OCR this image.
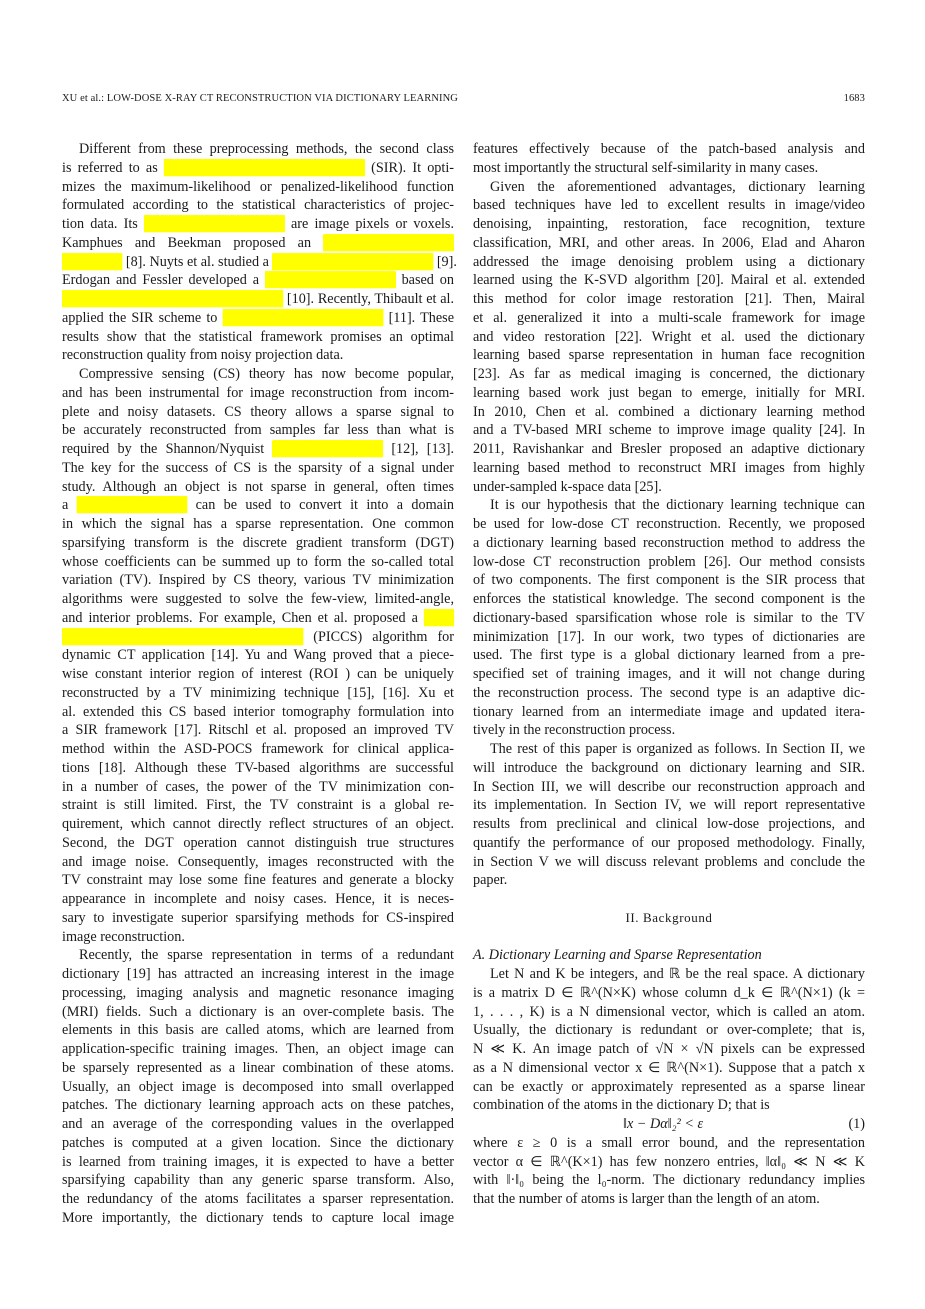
XU et al.: LOW-DOSE X-RAY CT RECONSTRUCTION VIA DICTIONARY LEARNING	1683
Different from these preprocessing methods, the second class
is referred to as ████████████████████ (SIR). It opti-
mizes the maximum-likelihood or penalized-likelihood function
formulated according to the statistical characteristics of projec-
tion data. Its ██████████████ are image pixels or voxels.
Kamphues and Beekman proposed an █████████████
██████ [8]. Nuyts et al. studied a ████████████████ [9].
Erdogan and Fessler developed a █████████████ based on
██████████████████████ [10]. Recently, Thibault et al.
applied the SIR scheme to ████████████████ [11]. These
results show that the statistical framework promises an optimal
reconstruction quality from noisy projection data.
Compressive sensing (CS) theory has now become popular,
and has been instrumental for image reconstruction from incom-
plete and noisy datasets. CS theory allows a sparse signal to
be accurately reconstructed from samples far less than what is
required by the Shannon/Nyquist ███████████ [12], [13].
The key for the success of CS is the sparsity of a signal under
study. Although an object is not sparse in general, often times
a ███████████ can be used to convert it into a domain
in which the signal has a sparse representation. One common
sparsifying transform is the discrete gradient transform (DGT)
whose coefficients can be summed up to form the so-called total
variation (TV). Inspired by CS theory, various TV minimization
algorithms were suggested to solve the few-view, limited-angle,
and interior problems. For example, Chen et al. proposed a ███
████████████████████████ (PICCS) algorithm for
dynamic CT application [14]. Yu and Wang proved that a piece-
wise constant interior region of interest (ROI ) can be uniquely
reconstructed by a TV minimizing technique [15], [16]. Xu et
al. extended this CS based interior tomography formulation into
a SIR framework [17]. Ritschl et al. proposed an improved TV
method within the ASD-POCS framework for clinical applica-
tions [18]. Although these TV-based algorithms are successful
in a number of cases, the power of the TV minimization con-
straint is still limited. First, the TV constraint is a global re-
quirement, which cannot directly reflect structures of an object.
Second, the DGT operation cannot distinguish true structures
and image noise. Consequently, images reconstructed with the
TV constraint may lose some fine features and generate a blocky
appearance in incomplete and noisy cases. Hence, it is neces-
sary to investigate superior sparsifying methods for CS-inspired
image reconstruction.
Recently, the sparse representation in terms of a redundant
dictionary [19] has attracted an increasing interest in the image
processing, imaging analysis and magnetic resonance imaging
(MRI) fields. Such a dictionary is an over-complete basis. The
elements in this basis are called atoms, which are learned from
application-specific training images. Then, an object image can
be sparsely represented as a linear combination of these atoms.
Usually, an object image is decomposed into small overlapped
patches. The dictionary learning approach acts on these patches,
and an average of the corresponding values in the overlapped
patches is computed at a given location. Since the dictionary
is learned from training images, it is expected to have a better
sparsifying capability than any generic sparse transform. Also,
the redundancy of the atoms facilitates a sparser representation.
More importantly, the dictionary tends to capture local image
features effectively because of the patch-based analysis and
most importantly the structural self-similarity in many cases.
Given the aforementioned advantages, dictionary learning
based techniques have led to excellent results in image/video
denoising, inpainting, restoration, face recognition, texture
classification, MRI, and other areas. In 2006, Elad and Aharon
addressed the image denoising problem using a dictionary
learned using the K-SVD algorithm [20]. Mairal et al. extended
this method for color image restoration [21]. Then, Mairal
et al. generalized it into a multi-scale framework for image
and video restoration [22]. Wright et al. used the dictionary
learning based sparse representation in human face recognition
[23]. As far as medical imaging is concerned, the dictionary
learning based work just began to emerge, initially for MRI.
In 2010, Chen et al. combined a dictionary learning method
and a TV-based MRI scheme to improve image quality [24]. In
2011, Ravishankar and Bresler proposed an adaptive dictionary
learning based method to reconstruct MRI images from highly
under-sampled k-space data [25].
It is our hypothesis that the dictionary learning technique can
be used for low-dose CT reconstruction. Recently, we proposed
a dictionary learning based reconstruction method to address the
low-dose CT reconstruction problem [26]. Our method consists
of two components. The first component is the SIR process that
enforces the statistical knowledge. The second component is the
dictionary-based sparsification whose role is similar to the TV
minimization [17]. In our work, two types of dictionaries are
used. The first type is a global dictionary learned from a pre-
specified set of training images, and it will not change during
the reconstruction process. The second type is an adaptive dic-
tionary learned from an intermediate image and updated itera-
tively in the reconstruction process.
The rest of this paper is organized as follows. In Section II, we
will introduce the background on dictionary learning and SIR.
In Section III, we will describe our reconstruction approach and
its implementation. In Section IV, we will report representative
results from preclinical and clinical low-dose projections, and
quantify the performance of our proposed methodology. Finally,
in Section V we will discuss relevant problems and conclude the
paper.
II. Background
A. Dictionary Learning and Sparse Representation
Let N and K be integers, and ℝ be the real space. A dictionary
is a matrix D ∈ ℝ^(N×K) whose column d_k ∈ ℝ^(N×1) (k =
1, . . . , K) is a N dimensional vector, which is called an atom.
Usually, the dictionary is redundant or over-complete; that is,
N ≪ K. An image patch of √N × √N pixels can be expressed
as a N dimensional vector x ∈ ℝ^(N×1). Suppose that a patch x
can be exactly or approximately represented as a sparse linear
combination of the atoms in the dictionary D; that is
‖x − Dα‖₂² < ε	(1)
where ε ≥ 0 is a small error bound, and the representation
vector α ∈ ℝ^(K×1) has few nonzero entries, ‖α‖₀ ≪ N ≪ K
with ‖·‖₀ being the l₀-norm. The dictionary redundancy implies
that the number of atoms is larger than the length of an atom.
